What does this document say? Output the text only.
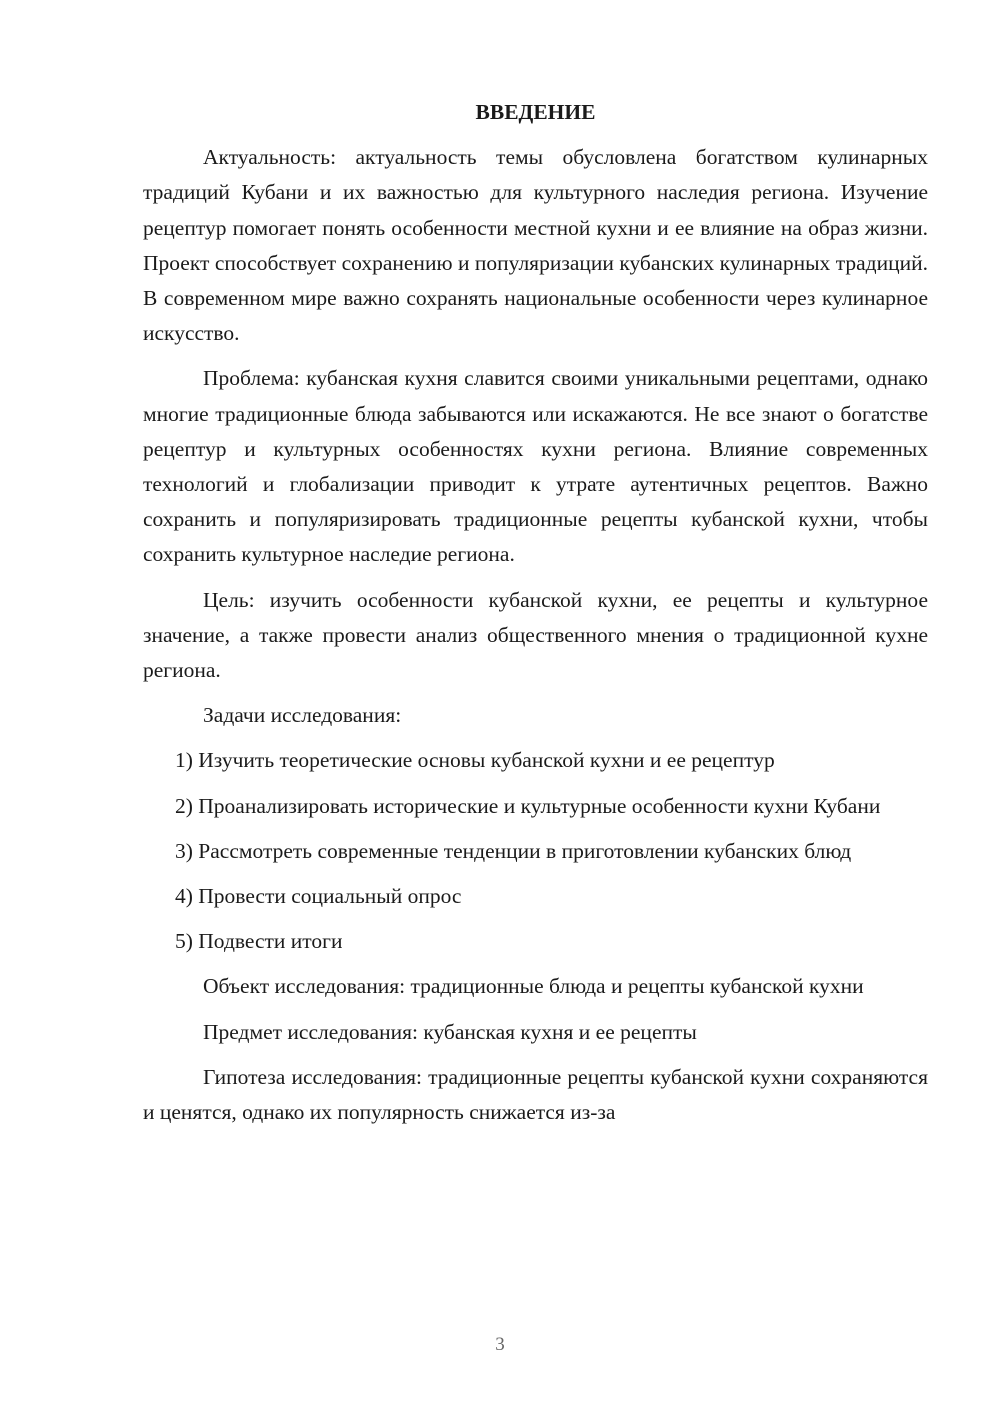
ВВЕДЕНИЕ

Актуальность: актуальность темы обусловлена богатством кулинарных традиций Кубани и их важностью для культурного наследия региона. Изучение рецептур помогает понять особенности местной кухни и ее влияние на образ жизни. Проект способствует сохранению и популяризации кубанских кулинарных традиций. В современном мире важно сохранять национальные особенности через кулинарное искусство.

Проблема: кубанская кухня славится своими уникальными рецептами, однако многие традиционные блюда забываются или искажаются. Не все знают о богатстве рецептур и культурных особенностях кухни региона. Влияние современных технологий и глобализации приводит к утрате аутентичных рецептов. Важно сохранить и популяризировать традиционные рецепты кубанской кухни, чтобы сохранить культурное наследие региона.

Цель: изучить особенности кубанской кухни, ее рецепты и культурное значение, а также провести анализ общественного мнения о традиционной кухне региона.

Задачи исследования:

1) Изучить теоретические основы кубанской кухни и ее рецептур

2) Проанализировать исторические и культурные особенности кухни Кубани

3) Рассмотреть современные тенденции в приготовлении кубанских блюд

4) Провести социальный опрос

5) Подвести итоги

Объект исследования: традиционные блюда и рецепты кубанской кухни

Предмет исследования: кубанская кухня и ее рецепты

Гипотеза исследования: традиционные рецепты кубанской кухни сохраняются и ценятся, однако их популярность снижается из-за

3
